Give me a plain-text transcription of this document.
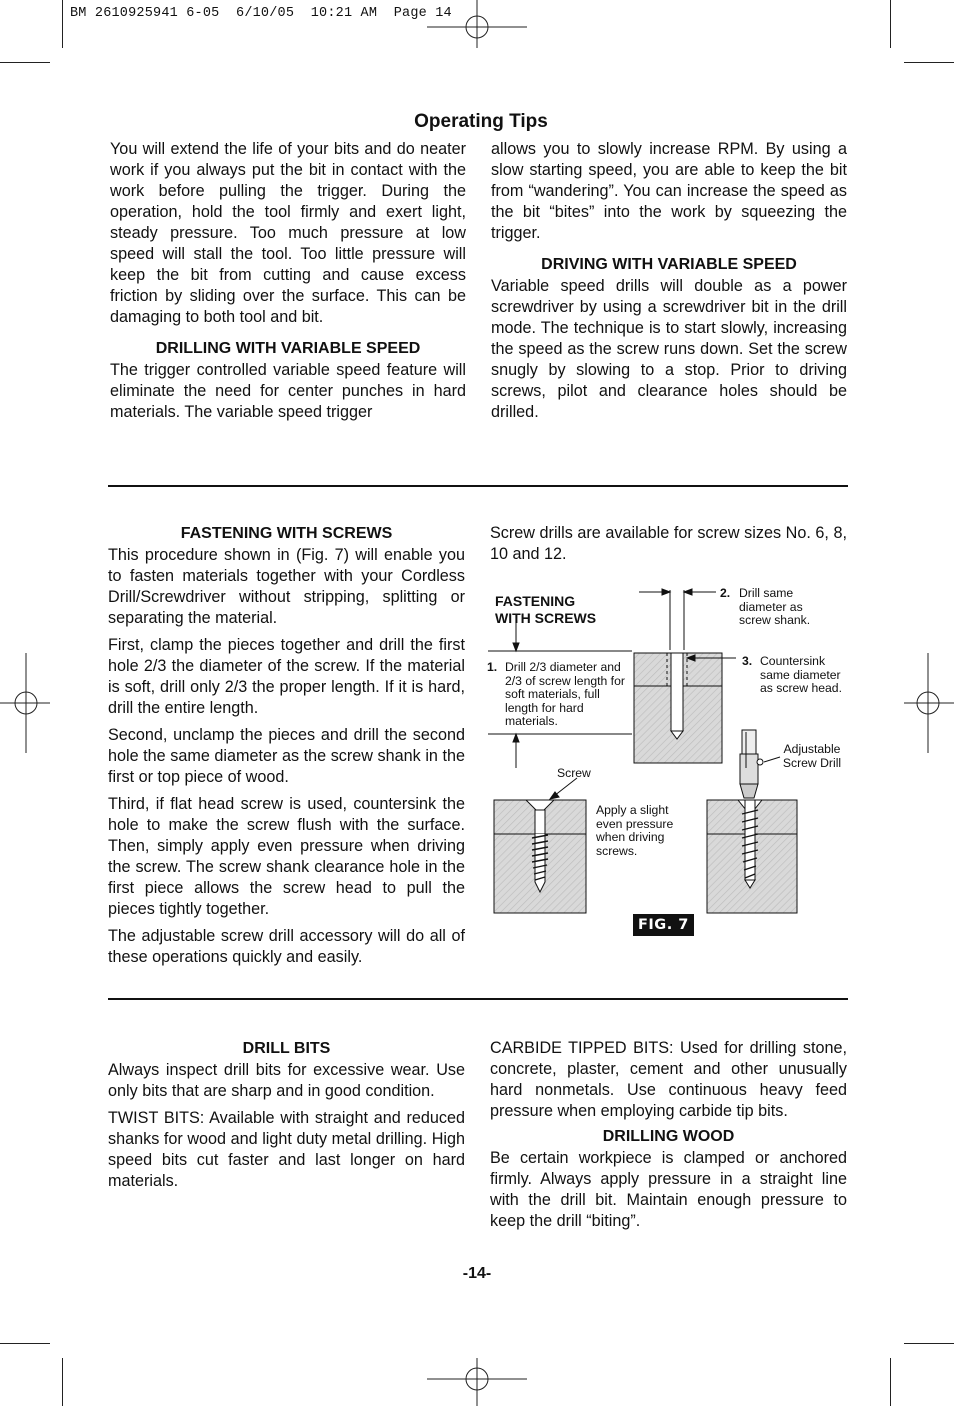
BM 2610925941 6-05  6/10/05  10:21 AM  Page 14
Operating Tips

You will extend the life of your bits and do neater work if you always put the bit in contact with the work before pulling the trigger. During the operation, hold the tool firmly and exert light, steady pressure. Too much pressure at low speed will stall the tool. Too little pressure will keep the bit from cutting and cause excess friction by sliding over the surface. This can be damaging to both tool and bit.

DRILLING WITH VARIABLE SPEED

The trigger controlled variable speed feature will eliminate the need for center punches in hard materials. The variable speed trigger

allows you to slowly increase RPM. By using a slow starting speed, you are able to keep the bit from “wandering”. You can increase the speed as the bit “bites” into the work by squeezing the trigger.

DRIVING WITH VARIABLE SPEED

Variable speed drills will double as a power screwdriver by using a screwdriver bit in the drill mode. The technique is to start slowly, increasing the speed as the screw runs down. Set the screw snugly by slowing to a stop. Prior to driving screws, pilot and clearance holes should be drilled.

FASTENING WITH SCREWS

This procedure shown in (Fig. 7) will enable you to fasten materials together with your Cordless Drill/Screwdriver without stripping, splitting or separating the material.

First, clamp the pieces together and drill the first hole 2/3 the diameter of the screw. If the material is soft, drill only 2/3 the proper length. If it is hard, drill the entire length.

Second, unclamp the pieces and drill the second hole the same diameter as the screw shank in the first or top piece of wood.

Third, if flat head screw is used, countersink the hole to make the screw flush with the surface. Then, simply apply even pressure when driving the screw. The screw shank clearance hole in the first piece allows the screw head to pull the pieces tightly together.

The adjustable screw drill accessory will do all of these operations quickly and easily.

Screw drills are available for screw sizes No. 6, 8, 10 and 12.

FASTENING
WITH SCREWS
1. Drill 2/3 diameter and 2/3 of screw length for soft materials, full length for hard materials.
2. Drill same diameter as screw shank.
3. Countersink same diameter as screw head.
Adjustable Screw Drill
Screw
Apply a slight even pressure when driving screws.
FIG. 7
DRILL BITS

Always inspect drill bits for excessive wear. Use only bits that are sharp and in good condition.

TWIST BITS: Available with straight and reduced shanks for wood and light duty metal drilling. High speed bits cut faster and last longer on hard materials.

CARBIDE TIPPED BITS: Used for drilling stone, concrete, plaster, cement and other unusually hard nonmetals. Use continuous heavy feed pressure when employing carbide tip bits.

DRILLING WOOD

Be certain workpiece is clamped or anchored firmly. Always apply pressure in a straight line with the drill bit. Maintain enough pressure to keep the drill “biting”.

-14-
